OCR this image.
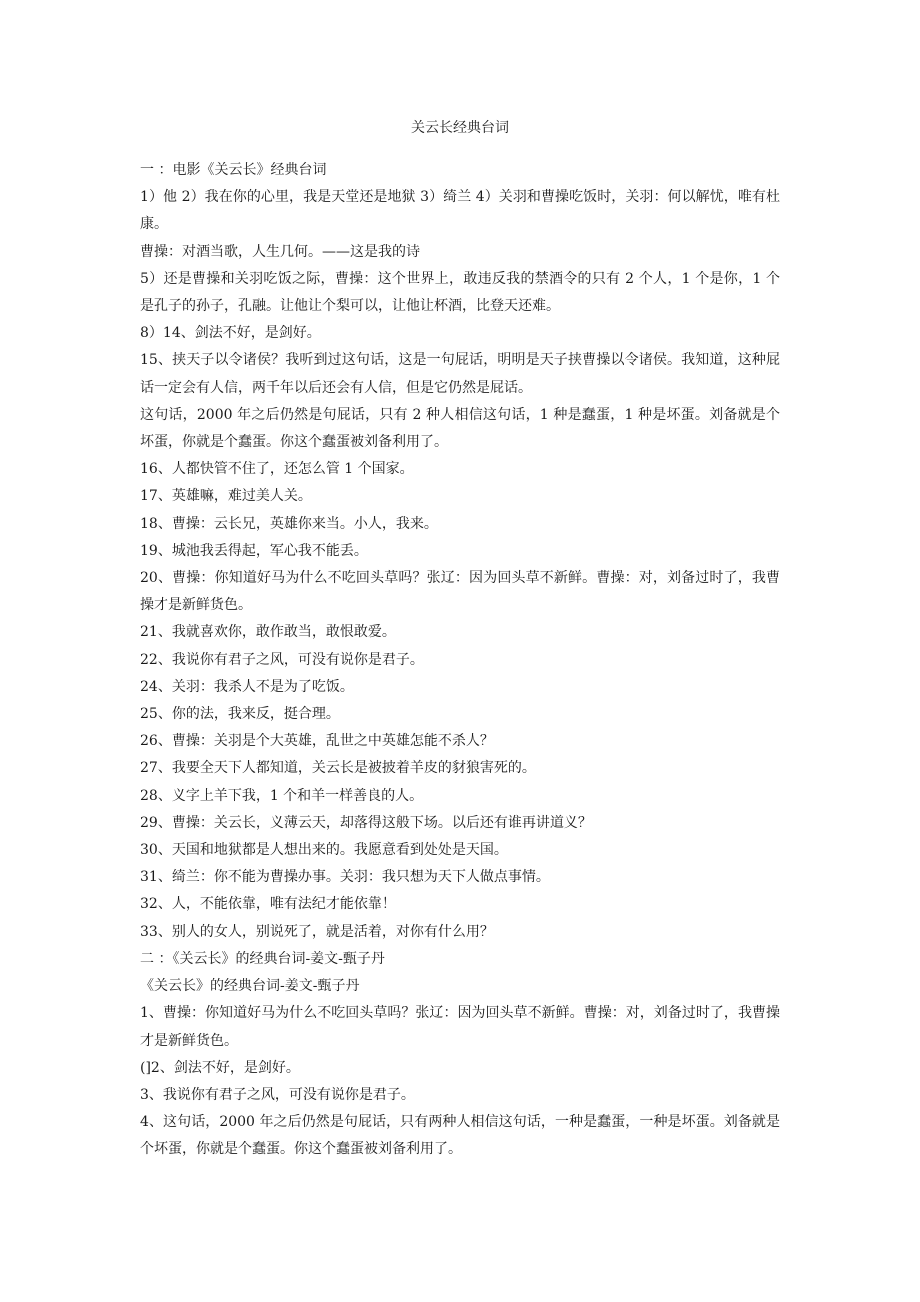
关云长经典台词

一 ：电影《关云长》经典台词

1）他 2）我在你的心里，我是天堂还是地狱 3）绮兰 4）关羽和曹操吃饭时，关羽：何以解忧，唯有杜康。

曹操：对酒当歌，人生几何。——这是我的诗

5）还是曹操和关羽吃饭之际，曹操：这个世界上，敢违反我的禁酒令的只有 2 个人，1 个是你，1 个是孔子的孙子，孔融。让他让个梨可以，让他让杯酒，比登天还难。

8）14、剑法不好，是剑好。

15、挟天子以令诸侯？我听到过这句话，这是一句屁话，明明是天子挟曹操以令诸侯。我知道，这种屁话一定会有人信，两千年以后还会有人信，但是它仍然是屁话。

这句话，2000 年之后仍然是句屁话，只有 2 种人相信这句话，1 种是蠢蛋，1 种是坏蛋。刘备就是个坏蛋，你就是个蠢蛋。你这个蠢蛋被刘备利用了。

16、人都快管不住了，还怎么管 1 个国家。

17、英雄嘛，难过美人关。

18、曹操：云长兄，英雄你来当。小人，我来。

19、城池我丢得起，军心我不能丢。

20、曹操：你知道好马为什么不吃回头草吗？张辽：因为回头草不新鲜。曹操：对，刘备过时了，我曹操才是新鲜货色。

21、我就喜欢你，敢作敢当，敢恨敢爱。

22、我说你有君子之风，可没有说你是君子。

24、关羽：我杀人不是为了吃饭。

25、你的法，我来反，挺合理。

26、曹操：关羽是个大英雄，乱世之中英雄怎能不杀人？

27、我要全天下人都知道，关云长是被披着羊皮的豺狼害死的。

28、义字上羊下我，1 个和羊一样善良的人。

29、曹操：关云长，义薄云天，却落得这般下场。以后还有谁再讲道义？

30、天国和地狱都是人想出来的。我愿意看到处处是天国。

31、绮兰：你不能为曹操办事。关羽：我只想为天下人做点事情。

32、人，不能依靠，唯有法纪才能依靠！

33、别人的女人，别说死了，就是活着，对你有什么用？

二 ：《关云长》的经典台词-姜文-甄子丹

《关云长》的经典台词-姜文-甄子丹

1、曹操：你知道好马为什么不吃回头草吗？张辽：因为回头草不新鲜。曹操：对，刘备过时了，我曹操才是新鲜货色。

(]2、剑法不好，是剑好。

3、我说你有君子之风，可没有说你是君子。

4、这句话，2000 年之后仍然是句屁话，只有两种人相信这句话，一种是蠢蛋，一种是坏蛋。刘备就是个坏蛋，你就是个蠢蛋。你这个蠢蛋被刘备利用了。
